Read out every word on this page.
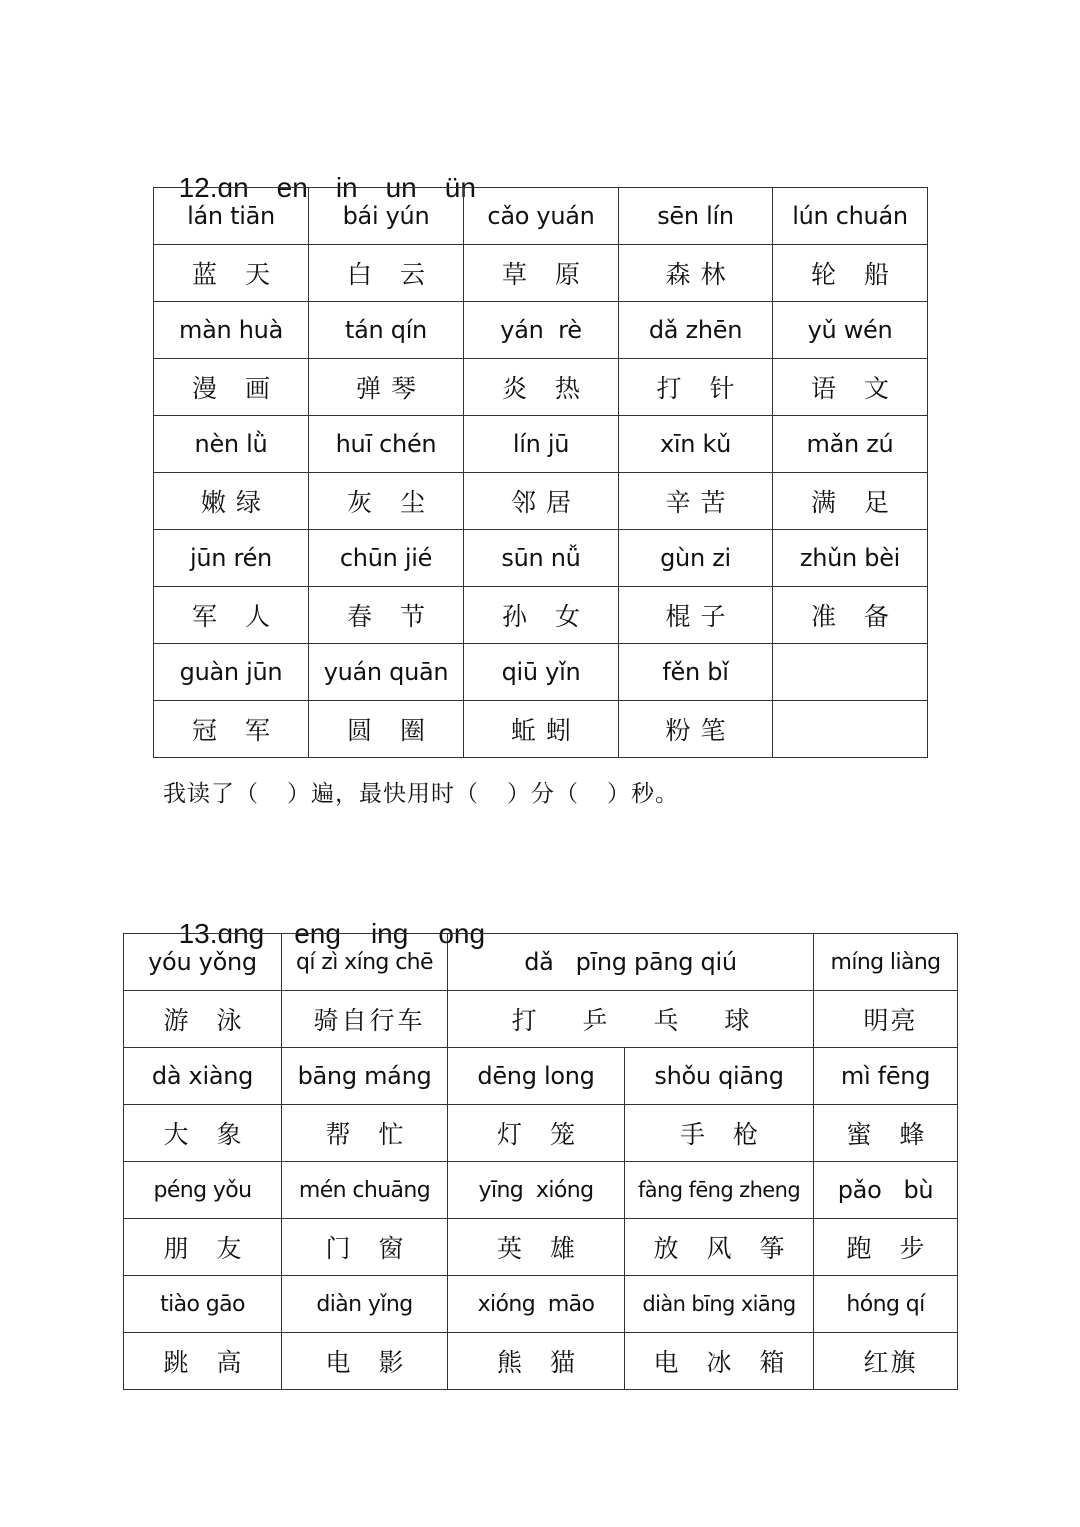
12.ɑn en in un ün

lán tiān	bái yún	cǎo yuán	sēn lín	lún chuán
蓝 天	白 云	草 原	森林	轮 船
màn huà	tán qín	yán  rè	dǎ zhēn	yǔ wén
漫 画	弹琴	炎 热	打 针	语 文
nèn lǜ	huī chén	lín jū	xīn kǔ	mǎn zú
嫩绿	灰 尘	邻居	辛苦	满 足
jūn rén	chūn jié	sūn nǚ	gùn zi	zhǔn bèi
军 人	春 节	孙 女	棍子	准 备
guàn jūn	yuán quān	qiū yǐn	fěn bǐ	
冠 军	圆 圈	蚯蚓	粉笔	
我读了（ ）遍，最快用时（ ）分（ ）秒。

13.ɑng eng ing ong

yóu yǒng	qí zì xíng chē	dǎ   pīng pāng qiú		míng liàng
游 泳	骑自行车	打  乒  乓  球		明亮
dà xiàng	bāng máng	dēng long	shǒu qiāng	mì fēng
大 象	帮 忙	灯 笼	手 枪	蜜 蜂
péng yǒu	mén chuāng	yīng  xióng	fàng fēng zheng	pǎo   bù
朋 友	门 窗	英 雄	放 风 筝	跑 步
tiào gāo	diàn yǐng	xióng  māo	diàn bīng xiāng	hóng qí
跳 高	电 影	熊 猫	电 冰 箱	红旗
